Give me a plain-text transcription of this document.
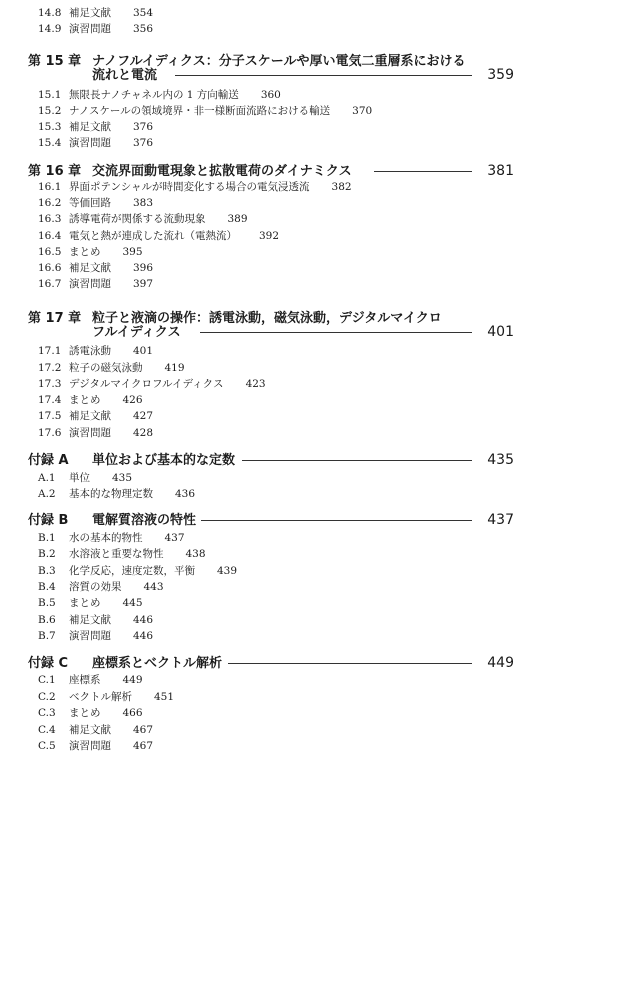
14.8 補足文献 354
14.9 演習問題 356
第 15 章 ナノフルイディクス：分子スケールや厚い電気二重層系における
流れと電流	359
15.1 無限長ナノチャネル内の 1 方向輸送 360
15.2 ナノスケールの領域境界・非一様断面流路における輸送 370
15.3 補足文献 376
15.4 演習問題 376
第 16 章 交流界面動電現象と拡散電荷のダイナミクス	381
16.1 界面ポテンシャルが時間変化する場合の電気浸透流 382
16.2 等価回路 383
16.3 誘導電荷が関係する流動現象 389
16.4 電気と熱が連成した流れ（電熱流） 392
16.5 まとめ 395
16.6 補足文献 396
16.7 演習問題 397
第 17 章 粒子と液滴の操作：誘電泳動，磁気泳動，デジタルマイクロ
フルイディクス	401
17.1 誘電泳動 401
17.2 粒子の磁気泳動 419
17.3 デジタルマイクロフルイディクス 423
17.4 まとめ 426
17.5 補足文献 427
17.6 演習問題 428
付録 A 単位および基本的な定数	435
A.1 単位 435
A.2 基本的な物理定数 436
付録 B 電解質溶液の特性	437
B.1 水の基本的物性 437
B.2 水溶液と重要な物性 438
B.3 化学反応，速度定数，平衡 439
B.4 溶質の効果 443
B.5 まとめ 445
B.6 補足文献 446
B.7 演習問題 446
付録 C 座標系とベクトル解析	449
C.1 座標系 449
C.2 ベクトル解析 451
C.3 まとめ 466
C.4 補足文献 467
C.5 演習問題 467
